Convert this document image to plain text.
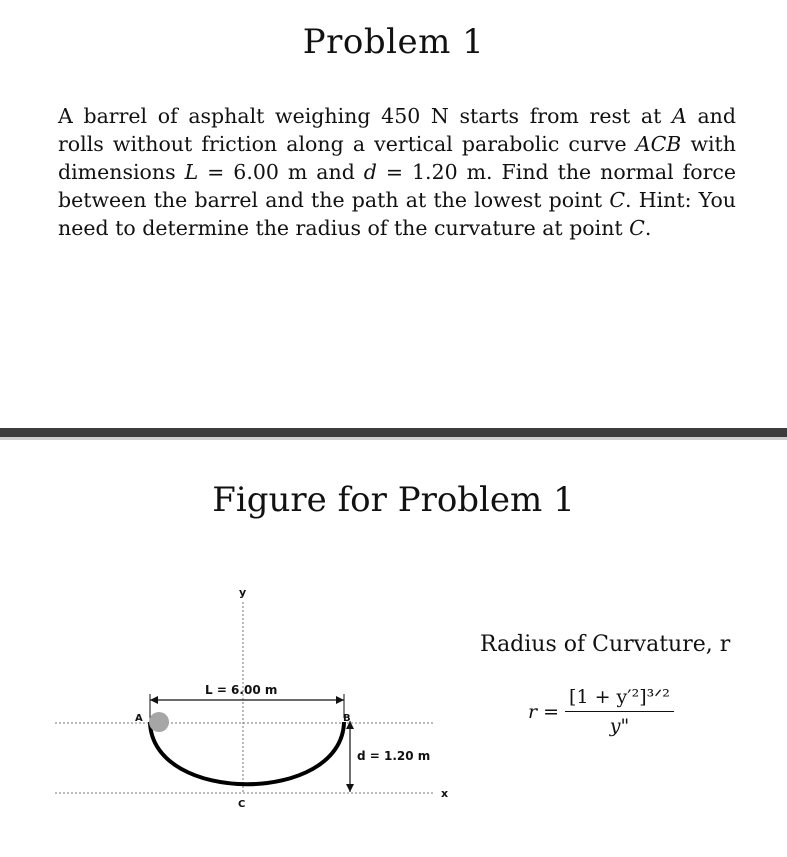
Problem 1
A barrel of asphalt weighing 450 N starts from rest at A and rolls without friction along a vertical parabolic curve ACB with dimensions L = 6.00 m and d = 1.20 m. Find the normal force between the barrel and the path at the lowest point C. Hint: You need to determine the radius of the curvature at point C.
Figure for Problem 1
y
x
L = 6.00 m
d = 1.20 m
A	B
C
Radius of Curvature, r
$r = \frac{\text{[1 + y′²]³ᐟ²}}{y"}$
